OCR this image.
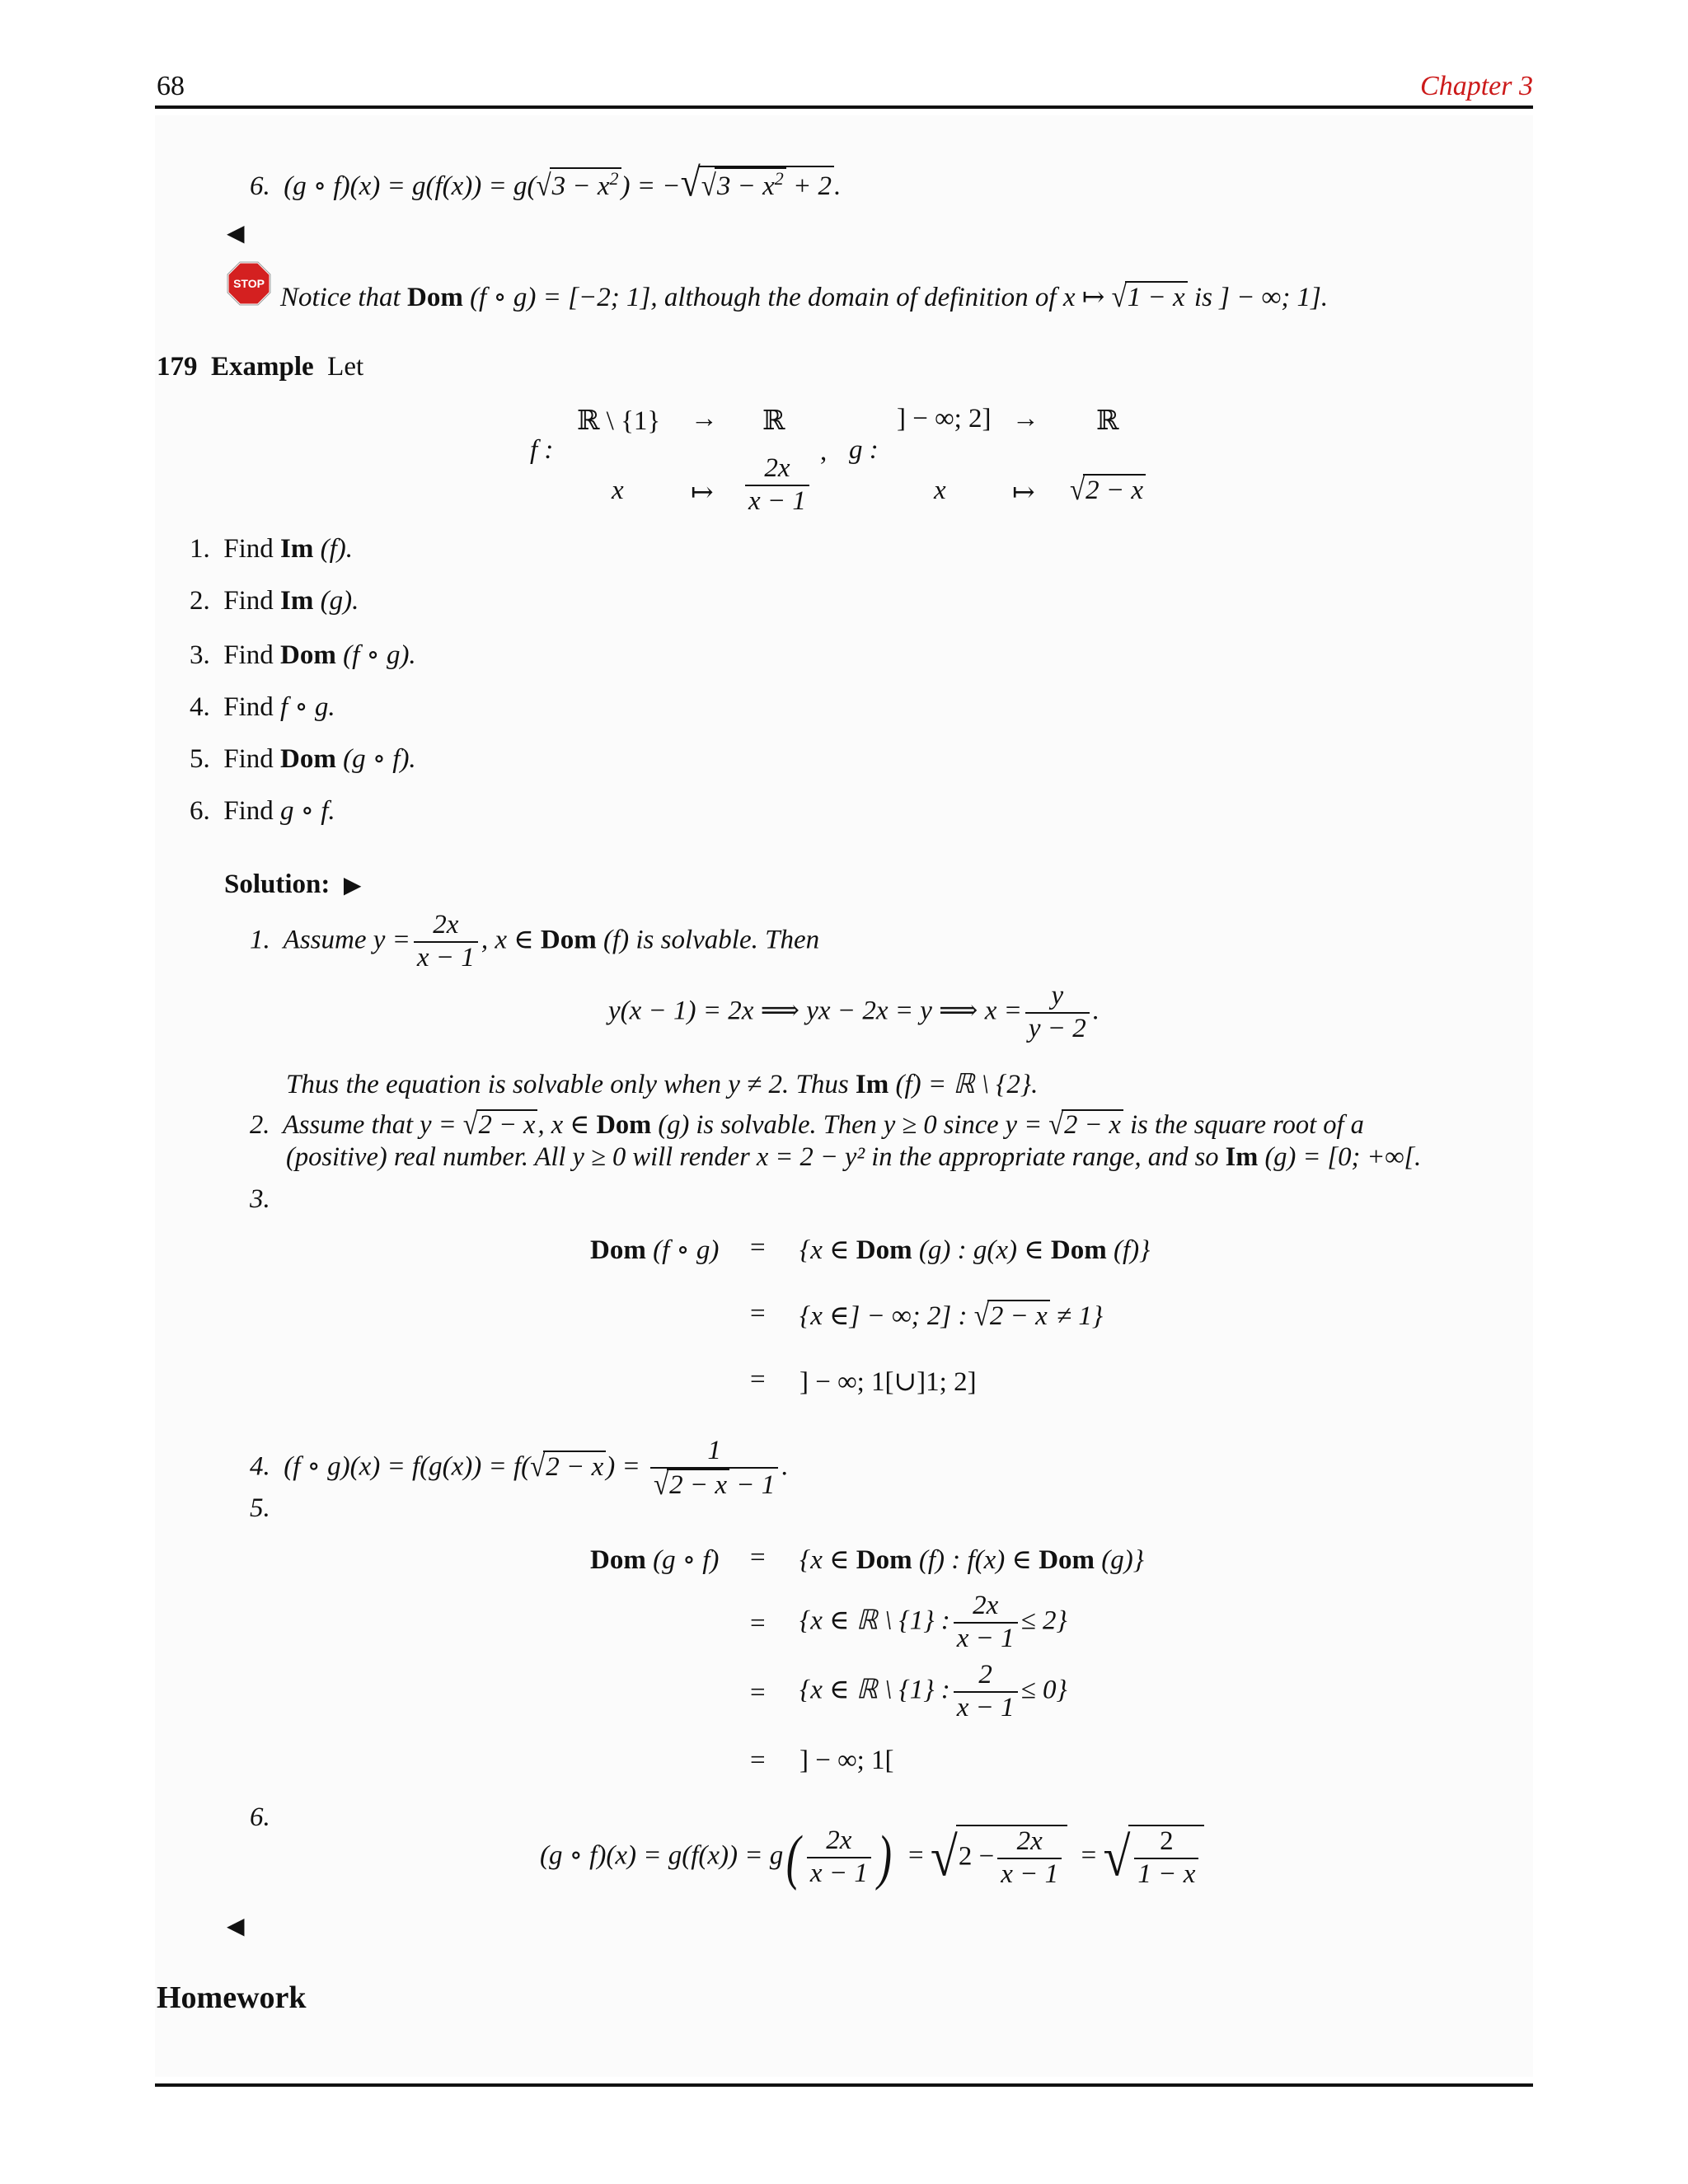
68	Chapter 3
6.  (g ∘ $f)(x) = g(f(x)) = g(√3 - x^2) = -√√3 - x^2 + 2$.
◀
STOP Notice that Dom (f ∘ g) = [−2; 1], although the domain of definition of x ↦ √1 − x is ] − ∞; 1].
179 Example Let
f :
ℝ \ {1} → ℝ
x ↦ $\frac{2x}{x - 1}$
, g :
] − ∞; 2] → ℝ
x ↦ √2 − x
1. Find Im (f).
2. Find Im (g).
3. Find Dom (f ∘ g).
4. Find f ∘ g.
5. Find Dom (g ∘ f).
6. Find g ∘ f.
Solution: ▶
1. Assume $y = \frac{2x}{x - 1}$ , x ∈ Dom (f) is solvable. Then
y(x − 1) = 2x ⟹ yx − 2x = y ⟹ $x = \frac{y}{y - 2}$ .
Thus the equation is solvable only when y ≠ 2. Thus Im (f) = ℝ \ {2}.
2. Assume that y = √2 − x, x ∈ Dom (g) is solvable. Then y ≥ 0 since y = √2 − x is the square root of a
(positive) real number. All y ≥ 0 will render x = 2 − y² in the appropriate range, and so Im (g) = [0; +∞[.
3.
Dom (f ∘ g) = {x ∈ Dom (g) : g(x) ∈ Dom (f)}
= {x ∈] − ∞; 2] : √2 − x ≠ 1}
= ] − ∞; 1[∪]1; 2]
4. (f ∘ $g)(x) = f(g(x)) = f(√2 - x) = \frac{1}{√2 - x - 1}$ .
5.
Dom (g ∘ f) = {x ∈ Dom (f) : f(x) ∈ Dom (g)}
= {x ∈ ℝ \ {1} : $\frac{2x}{x - 1} \le 2$}
= {x ∈ ℝ \ {1} : $\frac{2}{x - 1} \le 0$}
= ] − ∞; 1[
6.
(g ∘ $f)(x) = g(f(x)) = g( \frac{2x}{x - 1}$ )  = $√2 - \frac{2x}{x - 1}$ = √ $\frac{2}{1 - x}$
◀
Homework
